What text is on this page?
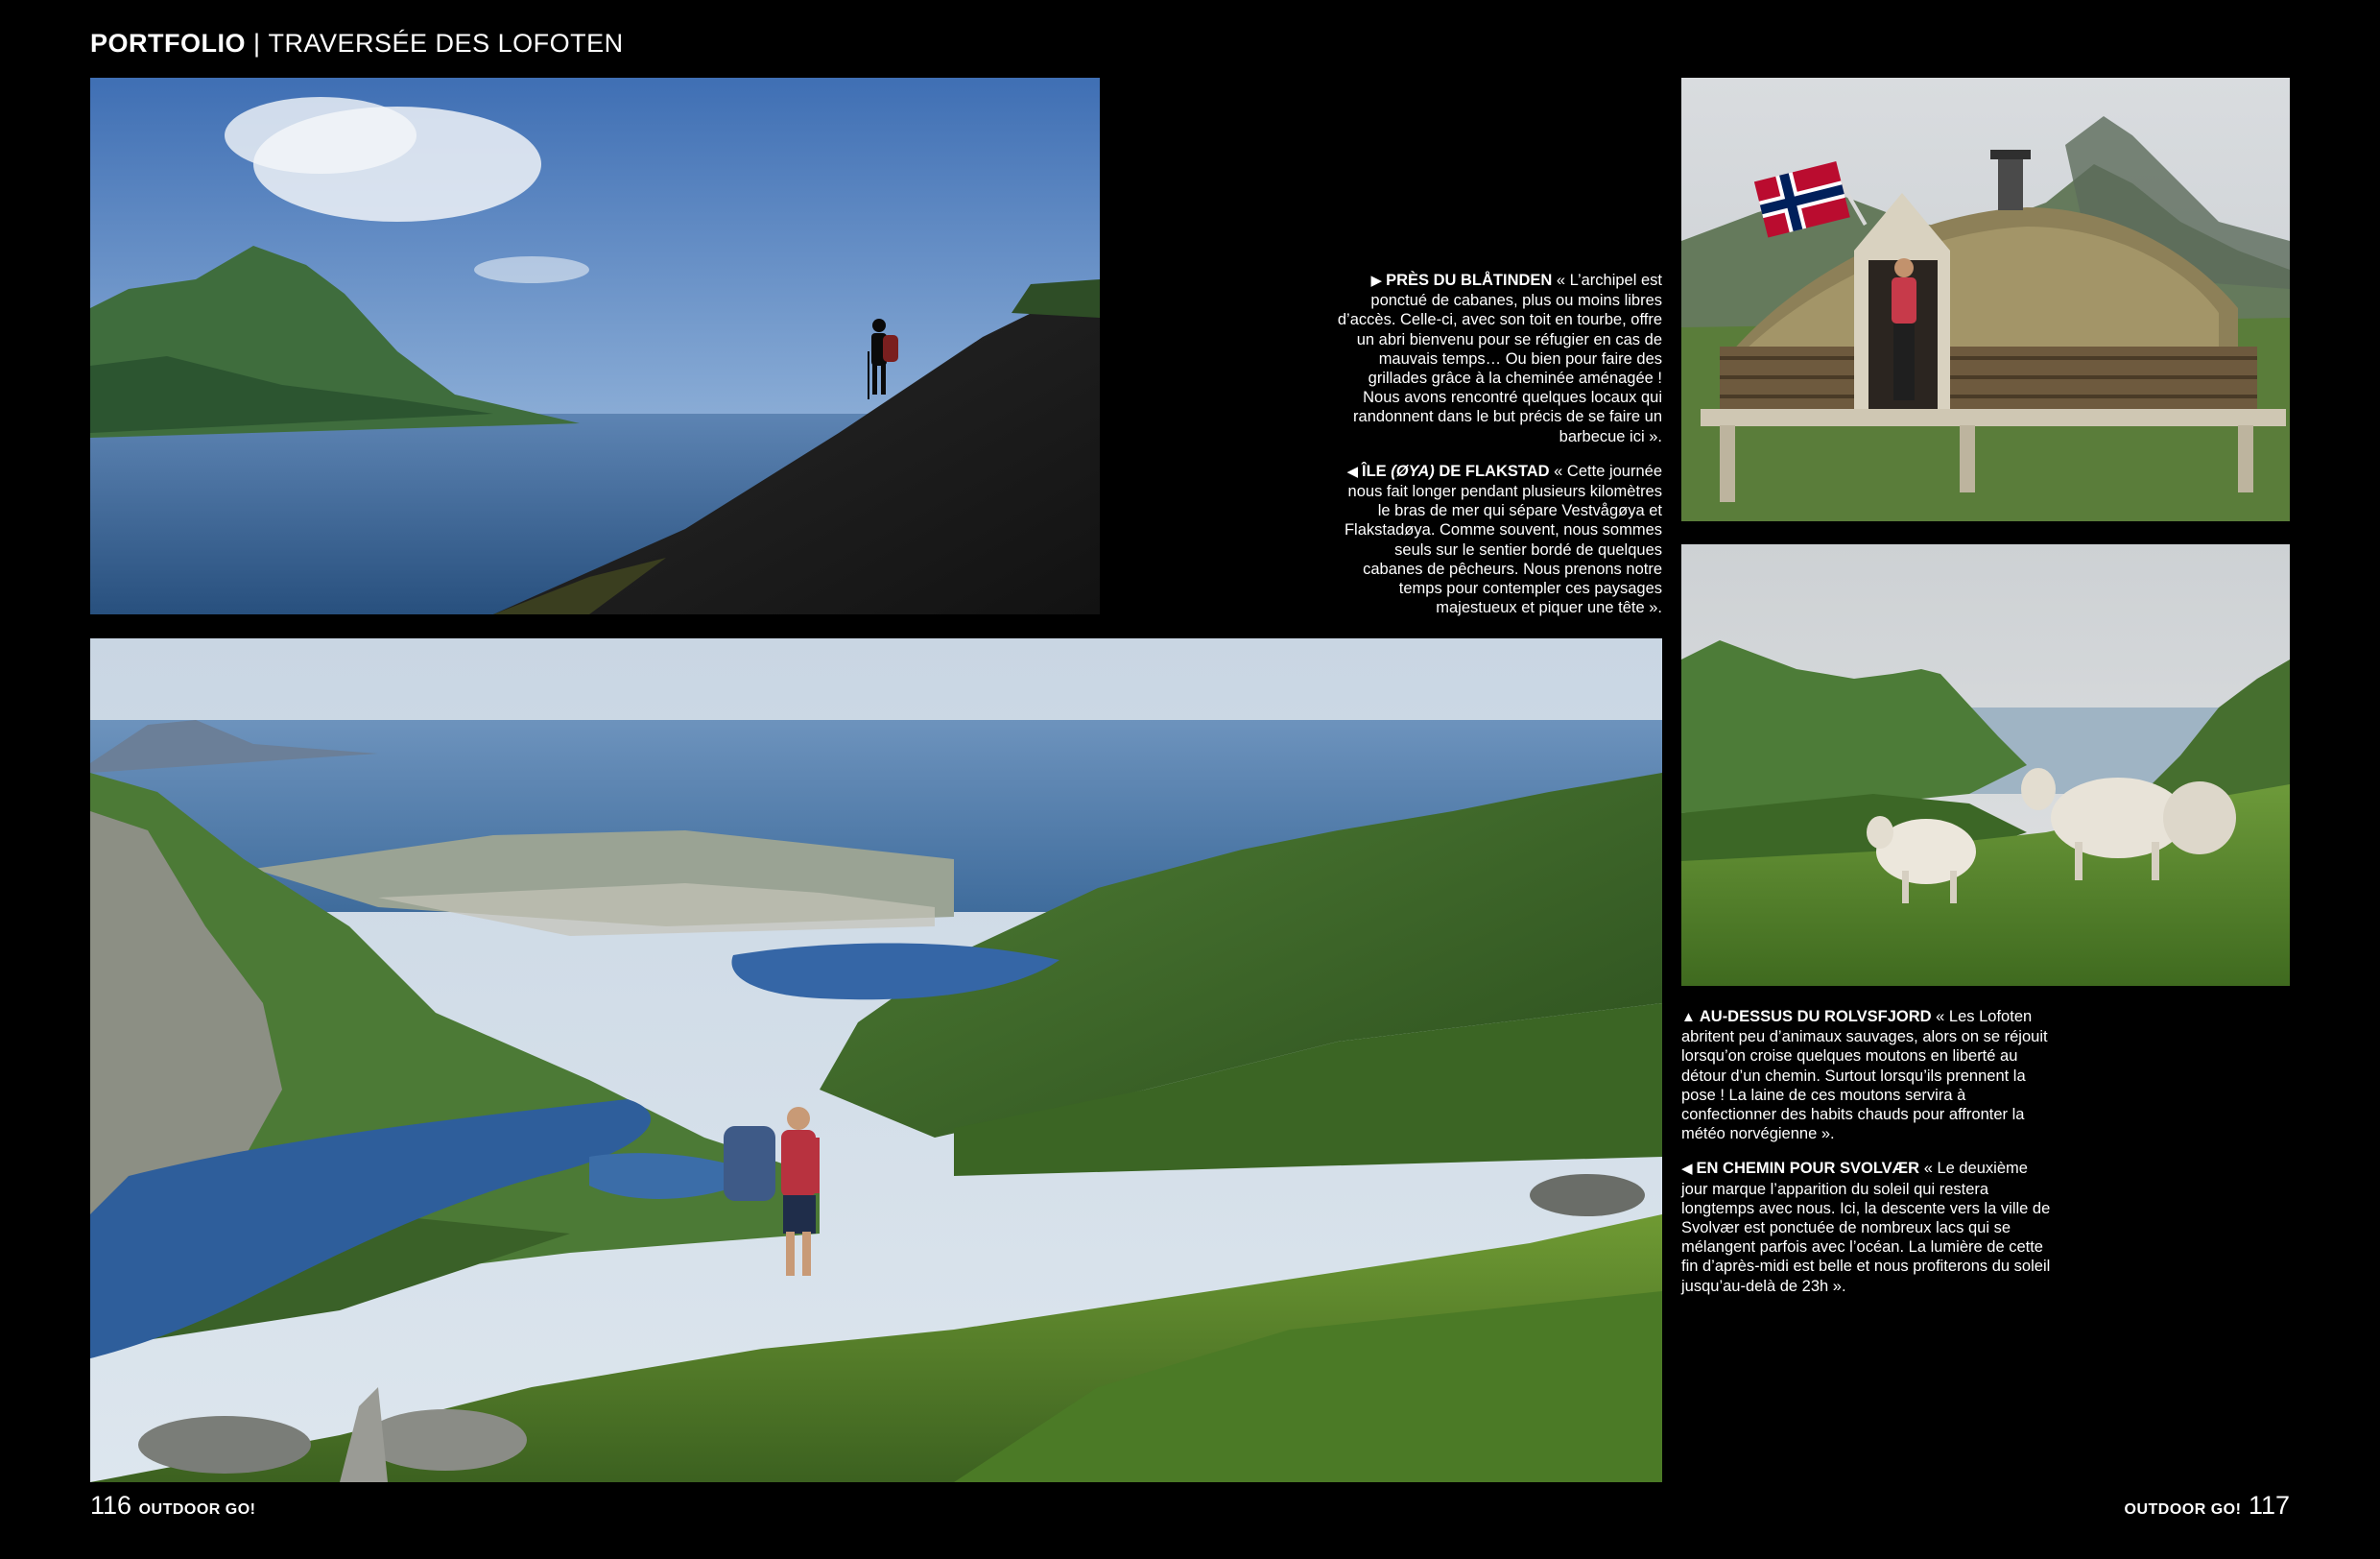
PORTFOLIO | TRAVERSÉE DES LOFOTEN

▶ PRÈS DU BLÅTINDEN « L’archipel est ponctué de cabanes, plus ou moins libres d’accès. Celle-ci, avec son toit en tourbe, offre un abri bienvenu pour se réfugier en cas de mauvais temps… Ou bien pour faire des grillades grâce à la cheminée aménagée ! Nous avons rencontré quelques locaux qui randonnent dans le but précis de se faire un barbecue ici ».

◀ ÎLE (ØYA) DE FLAKSTAD « Cette journée nous fait longer pendant plusieurs kilomètres le bras de mer qui sépare Vestvågøya et Flakstadøya. Comme souvent, nous sommes seuls sur le sentier bordé de quelques cabanes de pêcheurs. Nous prenons notre temps pour contempler ces paysages majestueux et piquer une tête ».

▲ AU-DESSUS DU ROLVSFJORD « Les Lofoten abritent peu d’animaux sauvages, alors on se réjouit lorsqu’on croise quelques moutons en liberté au détour d’un chemin. Surtout lorsqu’ils prennent la pose ! La laine de ces moutons servira à confectionner des habits chauds pour affronter la météo norvégienne ».

◀ EN CHEMIN POUR SVOLVÆR « Le deuxième jour marque l’apparition du soleil qui restera longtemps avec nous. Ici, la descente vers la ville de Svolvær est ponctuée de nombreux lacs qui se mélangent parfois avec l’océan. La lumière de cette fin d’après-midi est belle et nous profiterons du soleil jusqu’au-delà de 23h ».

116 OUTDOOR GO!	OUTDOOR GO! 117
